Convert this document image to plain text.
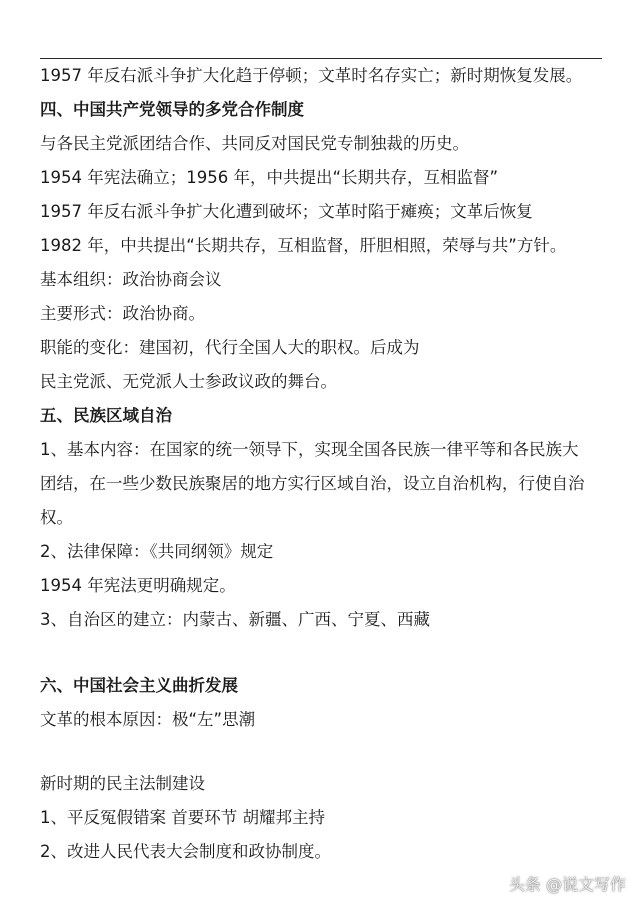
1957 年反右派斗争扩大化趋于停顿；文革时名存实亡；新时期恢复发展。
四、中国共产党领导的多党合作制度
与各民主党派团结合作、共同反对国民党专制独裁的历史。
1954 年宪法确立；1956 年，中共提出“长期共存，互相监督”
1957 年反右派斗争扩大化遭到破坏；文革时陷于瘫痪；文革后恢复
1982 年，中共提出“长期共存，互相监督，肝胆相照，荣辱与共”方针。
基本组织：政治协商会议
主要形式：政治协商。
职能的变化：建国初，代行全国人大的职权。后成为
民主党派、无党派人士参政议政的舞台。
五、民族区域自治
1、基本内容：在国家的统一领导下，实现全国各民族一律平等和各民族大
团结，在一些少数民族聚居的地方实行区域自治，设立自治机构，行使自治
权。
2、法律保障：《共同纲领》规定
1954 年宪法更明确规定。
3、自治区的建立：内蒙古、新疆、广西、宁夏、西藏
六、中国社会主义曲折发展
文革的根本原因：极“左”思潮
新时期的民主法制建设
1、平反冤假错案 首要环节 胡耀邦主持
2、改进人民代表大会制度和政协制度。
头条 @说文写作
